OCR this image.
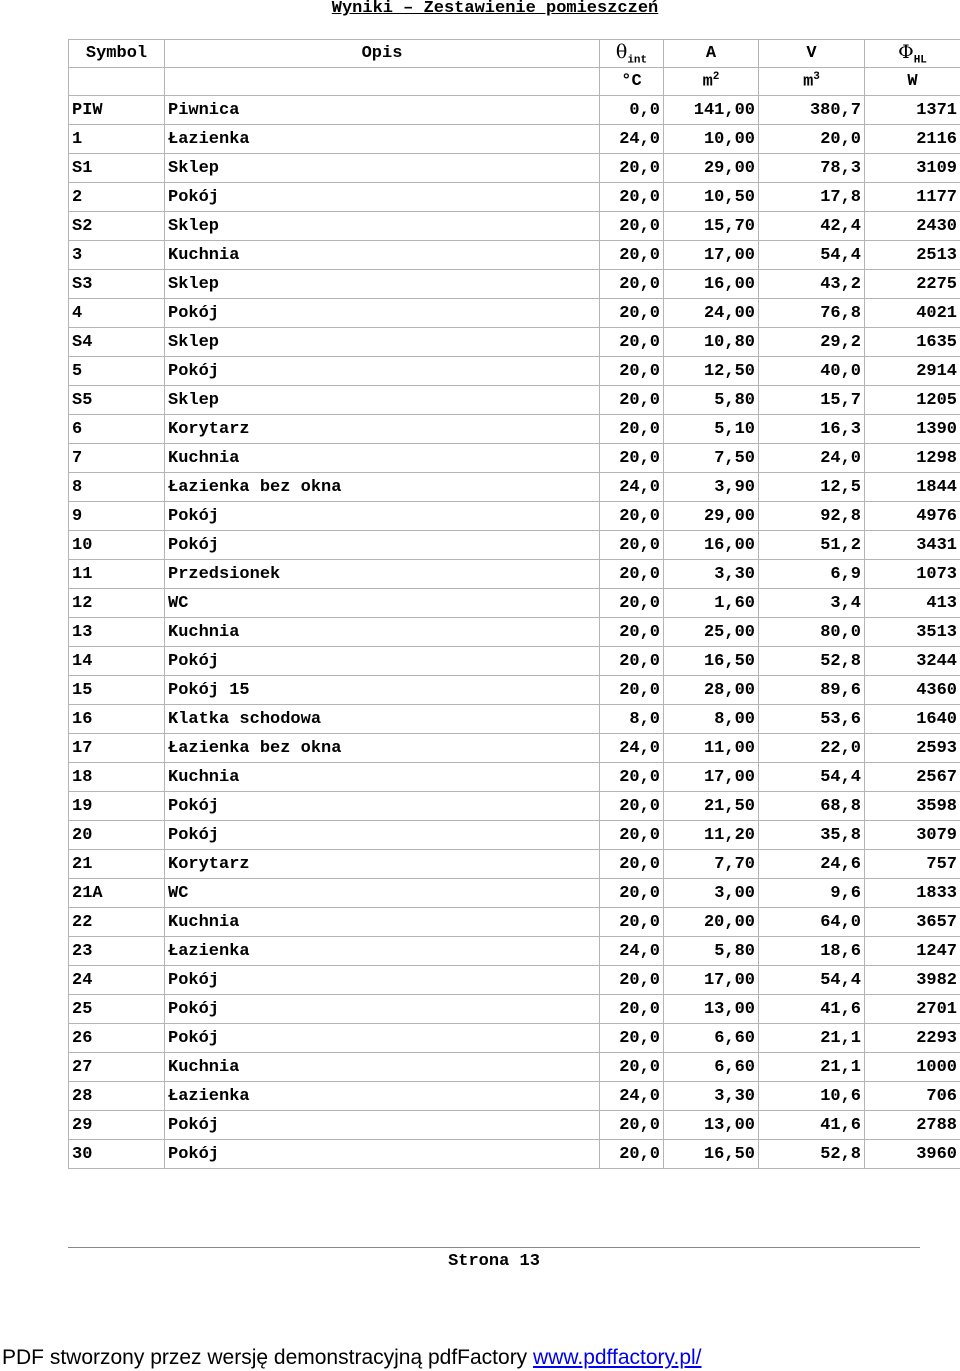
Wyniki – Zestawienie pomieszczeń
Symbol	Opis	$\theta_{int}$	A	V	$\Phi_{HL}$
		°C	$m^2$	$m^3$	W
PIW	Piwnica	0,0	141,00	380,7	1371
1	Łazienka	24,0	10,00	20,0	2116
S1	Sklep	20,0	29,00	78,3	3109
2	Pokój	20,0	10,50	17,8	1177
S2	Sklep	20,0	15,70	42,4	2430
3	Kuchnia	20,0	17,00	54,4	2513
S3	Sklep	20,0	16,00	43,2	2275
4	Pokój	20,0	24,00	76,8	4021
S4	Sklep	20,0	10,80	29,2	1635
5	Pokój	20,0	12,50	40,0	2914
S5	Sklep	20,0	5,80	15,7	1205
6	Korytarz	20,0	5,10	16,3	1390
7	Kuchnia	20,0	7,50	24,0	1298
8	Łazienka bez okna	24,0	3,90	12,5	1844
9	Pokój	20,0	29,00	92,8	4976
10	Pokój	20,0	16,00	51,2	3431
11	Przedsionek	20,0	3,30	6,9	1073
12	WC	20,0	1,60	3,4	413
13	Kuchnia	20,0	25,00	80,0	3513
14	Pokój	20,0	16,50	52,8	3244
15	Pokój 15	20,0	28,00	89,6	4360
16	Klatka schodowa	8,0	8,00	53,6	1640
17	Łazienka bez okna	24,0	11,00	22,0	2593
18	Kuchnia	20,0	17,00	54,4	2567
19	Pokój	20,0	21,50	68,8	3598
20	Pokój	20,0	11,20	35,8	3079
21	Korytarz	20,0	7,70	24,6	757
21A	WC	20,0	3,00	9,6	1833
22	Kuchnia	20,0	20,00	64,0	3657
23	Łazienka	24,0	5,80	18,6	1247
24	Pokój	20,0	17,00	54,4	3982
25	Pokój	20,0	13,00	41,6	2701
26	Pokój	20,0	6,60	21,1	2293
27	Kuchnia	20,0	6,60	21,1	1000
28	Łazienka	24,0	3,30	10,6	706
29	Pokój	20,0	13,00	41,6	2788
30	Pokój	20,0	16,50	52,8	3960
Strona 13
PDF stworzony przez wersję demonstracyjną pdfFactory www.pdffactory.pl/
